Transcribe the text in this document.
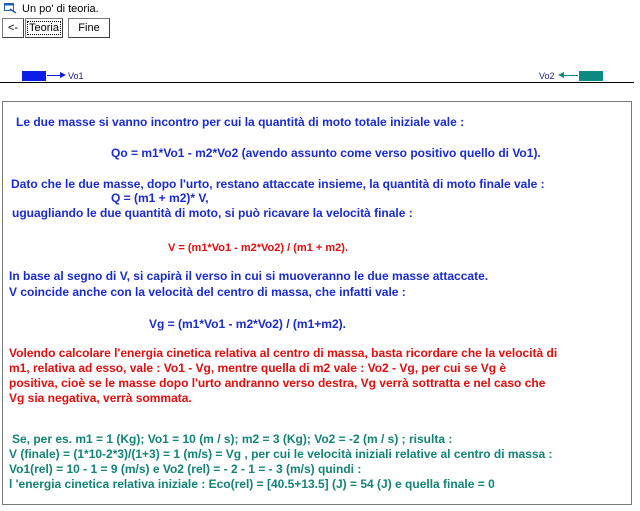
Un po' di teoria.
<- Teoria	Fine
Vo1	Vo2
Le due masse si vanno incontro per cui la quantità di moto totale iniziale vale :
Qo = m1*Vo1 - m2*Vo2 (avendo assunto come verso positivo quello di Vo1).
Dato che le due masse, dopo l'urto, restano attaccate insieme, la quantità di moto finale vale :
Q = (m1 + m2)* V,
uguagliando le due quantità di moto, si può ricavare la velocità finale :
V = (m1*Vo1 - m2*Vo2) / (m1 + m2).
In base al segno di V, si capirà il verso in cui si muoveranno le due masse attaccate.
V coincide anche con la velocità del centro di massa, che infatti vale :
Vg = (m1*Vo1 - m2*Vo2) / (m1+m2).
Volendo calcolare l'energia cinetica relativa al centro di massa, basta ricordare che la velocità di
m1, relativa ad esso, vale : Vo1 - Vg, mentre quella di m2 vale : Vo2 - Vg, per cui se Vg è
positiva, cioè se le masse dopo l'urto andranno verso destra, Vg verrà sottratta e nel caso che
Vg sia negativa, verrà sommata.
Se, per es. m1 = 1 (Kg); Vo1 = 10 (m / s); m2 = 3 (Kg); Vo2 = -2 (m / s) ; risulta :
V (finale) = (1*10-2*3)/(1+3) = 1 (m/s) = Vg , per cui le velocità iniziali relative al centro di massa :
Vo1(rel) = 10 - 1 = 9 (m/s) e Vo2 (rel) = - 2 - 1 = - 3 (m/s) quindi :
l 'energia cinetica relativa iniziale : Eco(rel) = [40.5+13.5] (J) = 54 (J) e quella finale = 0
